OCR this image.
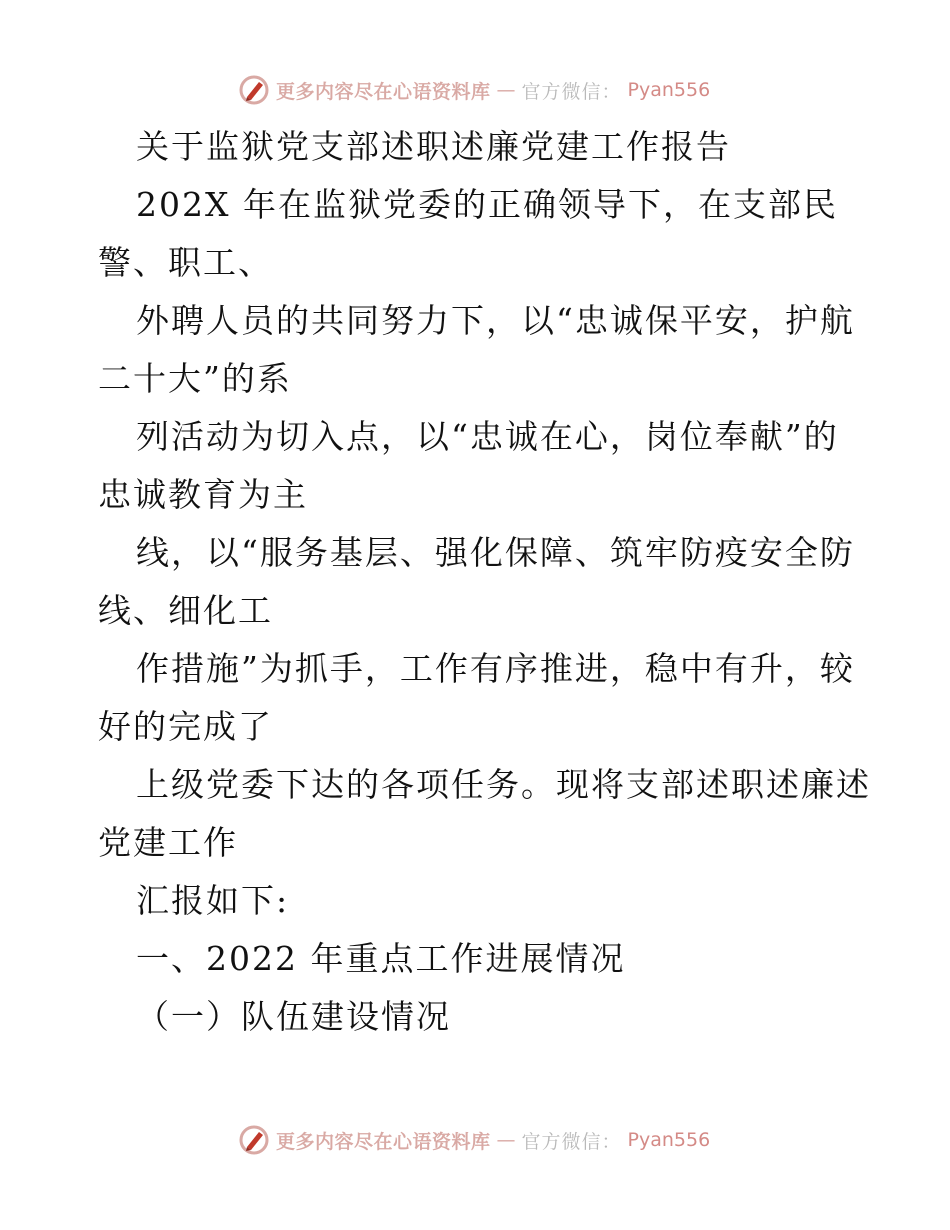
更多内容尽在心语资料库 — 官方微信： Pyan556
关于监狱党支部述职述廉党建工作报告
202X 年在监狱党委的正确领导下，在支部民
警、职工、
外聘人员的共同努力下，以“忠诚保平安，护航
二十大”的系
列活动为切入点，以“忠诚在心，岗位奉献”的
忠诚教育为主
线，以“服务基层、强化保障、筑牢防疫安全防
线、细化工
作措施”为抓手，工作有序推进，稳中有升，较
好的完成了
上级党委下达的各项任务。现将支部述职述廉述
党建工作
汇报如下:
一、2022 年重点工作进展情况
（一）队伍建设情况
更多内容尽在心语资料库 — 官方微信： Pyan556
